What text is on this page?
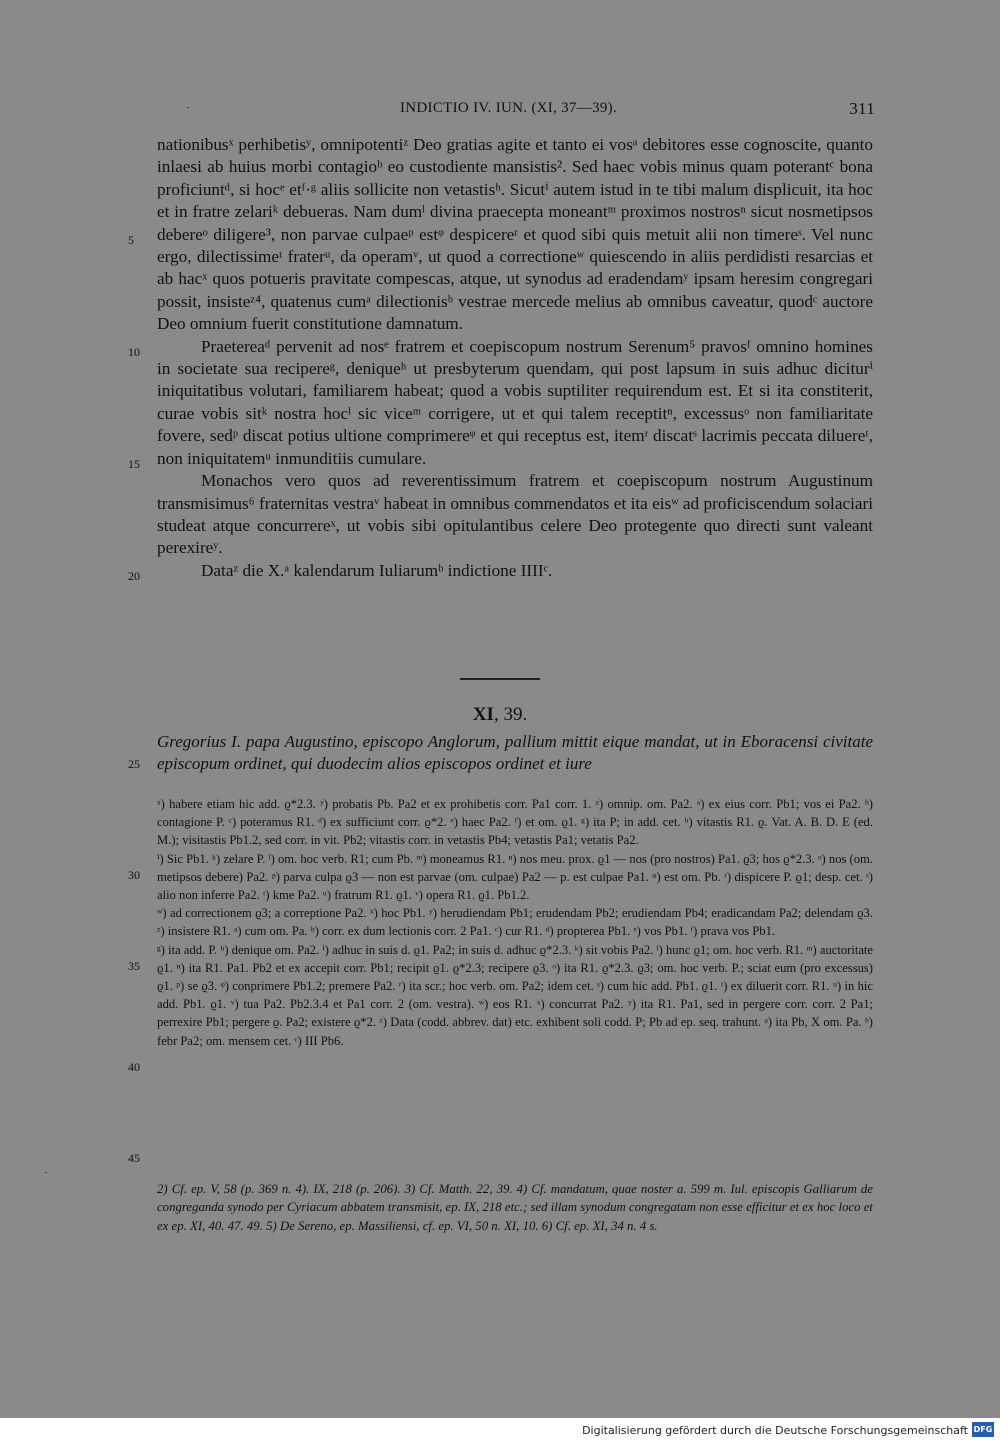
INDICTIO IV. IUN. (XI, 37—39).	311
5
10
15
20
25
30
35
40
45

nationibusˣ perhibetisʸ, omnipotentiᶻ Deo gratias agite et tanto ei vosᵃ debitores esse cognoscite, quanto inlaesi ab huius morbi contagioᵇ eo custodiente mansistis². Sed haec vobis minus quam poterantᶜ bona proficiuntᵈ, si hocᵉ etᶠ·ᵍ aliis sollicite non vetastisʰ. Sicutⁱ autem istud in te tibi malum displicuit, ita hoc et in fratre zelariᵏ debueras. Nam dumˡ divina praecepta moneantᵐ proximos nostrosⁿ sicut nosmetipsos debereᵒ diligere³, non parvae culpaeᵖ estᵠ despicereʳ et quod sibi quis metuit alii non timereˢ. Vel nunc ergo, dilectissimeᵗ fraterᵘ, da operamᵛ, ut quod a correctioneʷ quiescendo in aliis perdidisti resarcias et ab hacˣ quos potueris pravitate compescas, atque, ut synodus ad eradendamʸ ipsam heresim congregari possit, insisteᶻ⁴, quatenus cumᵃ dilectionisᵇ vestrae mercede melius ab omnibus caveatur, quodᶜ auctore Deo omnium fuerit constitutione damnatum.

Praetereaᵈ pervenit ad nosᵉ fratrem et coepiscopum nostrum Serenum⁵ pravosᶠ omnino homines in societate sua recipereᵍ, deniqueʰ ut presbyterum quendam, qui post lapsum in suis adhuc diciturⁱ iniquitatibus volutari, familiarem habeat; quod a vobis suptiliter requirendum est. Et si ita constiterit, curae vobis sitᵏ nostra hocˡ sic viceᵐ corrigere, ut et qui talem receptitⁿ, excessusᵒ non familiaritate fovere, sedᵖ discat potius ultione comprimereᵠ et qui receptus est, itemʳ discatˢ lacrimis peccata diluereᵗ, non iniquitatemᵘ inmunditiis cumulare.

Monachos vero quos ad reverentissimum fratrem et coepiscopum nostrum Augustinum transmisimus⁶ fraternitas vestraᵛ habeat in omnibus commendatos et ita eisʷ ad proficiscendum solaciari studeat atque concurrereˣ, ut vobis sibi opitulantibus celere Deo protegente quo directi sunt valeant perexireʸ.

Dataᶻ die X.ᵃ kalendarum Iuliarumᵇ indictione IIIIᶜ.

XI, 39.
Gregorius I. papa Augustino, episcopo Anglorum, pallium mittit eique mandat, ut in Eboracensi civitate episcopum ordinet, qui duodecim alios episcopos ordinet et iure

ˣ) habere etiam hic add. ϱ*2.3. ʸ) probatis Pb. Pa2 et ex prohibetis corr. Pa1 corr. 1. ᶻ) omnip. om. Pa2. ᵃ) ex eius corr. Pb1; vos ei Pa2. ᵇ) contagione P. ᶜ) poteramus R1. ᵈ) ex sufficiunt corr. ϱ*2. ᵉ) haec Pa2. ᶠ) et om. ϱ1. ᵍ) ita P; in add. cet. ʰ) vitastis R1. ϱ. Vat. A. B. D. E (ed. M.); visitastis Pb1.2, sed corr. in vit. Pb2; vitastis corr. in vetastis Pb4; vetastis Pa1; vetatis Pa2.

ⁱ) Sic Pb1. ᵏ) zelare P. ˡ) om. hoc verb. R1; cum Pb. ᵐ) moneamus R1. ⁿ) nos meu. prox. ϱ1 — nos (pro nostros) Pa1. ϱ3; hos ϱ*2.3. ᵒ) nos (om. metipsos debere) Pa2. ᵖ) parva culpa ϱ3 — non est parvae (om. culpae) Pa2 — p. est culpae Pa1. ᵠ) est om. Pb. ʳ) dispicere P. ϱ1; desp. cet. ˢ) alio non inferre Pa2. ᵗ) kme Pa2. ᵘ) fratrum R1. ϱ1. ᵛ) opera R1. ϱ1. Pb1.2.

ʷ) ad correctionem ϱ3; a correptione Pa2. ˣ) hoc Pb1. ʸ) herudiendam Pb1; erudendam Pb2; erudiendam Pb4; eradicandam Pa2; delendam ϱ3. ᶻ) insistere R1. ᵃ) cum om. Pa. ᵇ) corr. ex dum lectionis corr. 2 Pa1. ᶜ) cur R1. ᵈ) propterea Pb1. ᵉ) vos Pb1. ᶠ) prava vos Pb1.

ᵍ) ita add. P. ʰ) denique om. Pa2. ⁱ) adhuc in suis d. ϱ1. Pa2; in suis d. adhuc ϱ*2.3. ᵏ) sit vobis Pa2. ˡ) hunc ϱ1; om. hoc verb. R1. ᵐ) auctoritate ϱ1. ⁿ) ita R1. Pa1. Pb2 et ex accepit corr. Pb1; recipit ϱ1. ϱ*2.3; recipere ϱ3. ᵒ) ita R1. ϱ*2.3. ϱ3; om. hoc verb. P.; sciat eum (pro excessus) ϱ1. ᵖ) se ϱ3. ᵠ) conprimere Pb1.2; premere Pa2. ʳ) ita scr.; hoc verb. om. Pa2; idem cet. ˢ) cum hic add. Pb1. ϱ1. ᵗ) ex diluerit corr. R1. ᵘ) in hic add. Pb1. ϱ1. ᵛ) tua Pa2. Pb2.3.4 et Pa1 corr. 2 (om. vestra). ʷ) eos R1. ˣ) concurrat Pa2. ʸ) ita R1. Pa1, sed in pergere corr. corr. 2 Pa1; perrexire Pb1; pergere ϱ. Pa2; existere ϱ*2. ᶻ) Data (codd. abbrev. dat) etc. exhibent soli codd. P; Pb ad ep. seq. trahunt. ᵃ) ita Pb, X om. Pa. ᵇ) febr Pa2; om. mensem cet. ᶜ) III Pb6.

2) Cf. ep. V, 58 (p. 369 n. 4). IX, 218 (p. 206). 3) Cf. Matth. 22, 39. 4) Cf. mandatum, quae noster a. 599 m. Iul. episcopis Galliarum de congreganda synodo per Cyriacum abbatem transmisit, ep. IX, 218 etc.; sed illam synodum congregatam non esse efficitur et ex hoc loco et ex ep. XI, 40. 47. 49. 5) De Sereno, ep. Massiliensi, cf. ep. VI, 50 n. XI, 10. 6) Cf. ep. XI, 34 n. 4 s.
Digitalisierung gefördert durch die Deutsche Forschungsgemeinschaft DFG
